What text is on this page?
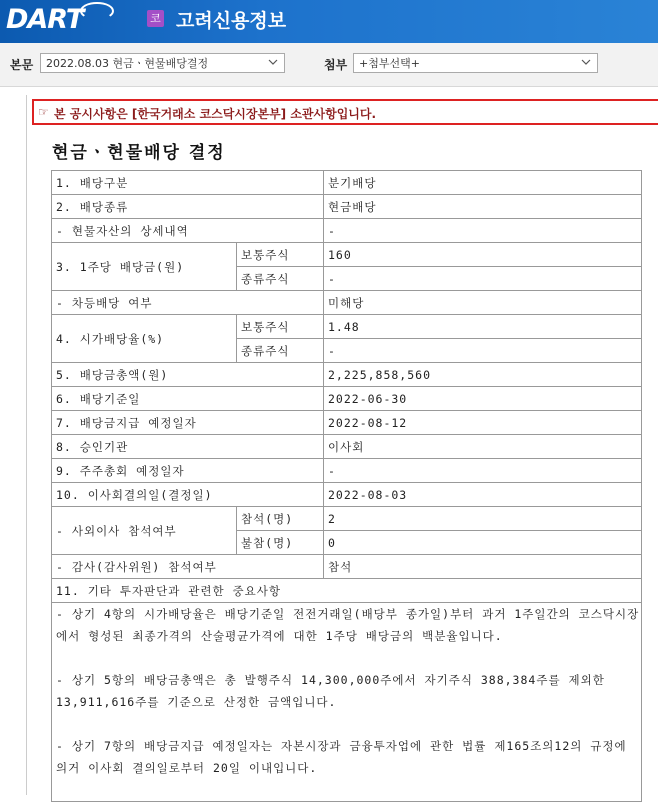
DART	코 고려신용정보
본문	2022.08.03 현금ㆍ현물배당결정	첨부	+첨부선택+
☞ 본 공시사항은 [한국거래소 코스닥시장본부] 소관사항입니다.
현금ㆍ현물배당 결정
1. 배당구분		분기배당
2. 배당종류		현금배당
- 현물자산의 상세내역		-
3. 1주당 배당금(원)	보통주식	160
	종류주식	-
- 차등배당 여부		미해당
4. 시가배당율(%)	보통주식	1.48
	종류주식	-
5. 배당금총액(원)		2,225,858,560
6. 배당기준일		2022-06-30
7. 배당금지급 예정일자		2022-08-12
8. 승인기관		이사회
9. 주주총회 예정일자		-
10. 이사회결의일(결정일)		2022-08-03
- 사외이사 참석여부	참석(명)	2
	불참(명)	0
- 감사(감사위원) 참석여부		참석
11. 기타 투자판단과 관련한 중요사항		

- 상기 4항의 시가배당율은 배당기준일 전전거래일(배당부 종가일)부터 과거 1주일간의 코스닥시장에서 형성된 최종가격의 산술평균가격에 대한 1주당 배당금의 백분율입니다.

- 상기 5항의 배당금총액은 총 발행주식 14,300,000주에서 자기주식 388,384주를 제외한 13,911,616주를 기준으로 산정한 금액입니다.

- 상기 7항의 배당금지급 예정일자는 자본시장과 금융투자업에 관한 법률 제165조의12의 규정에 의거 이사회 결의일로부터 20일 이내입니다.		
